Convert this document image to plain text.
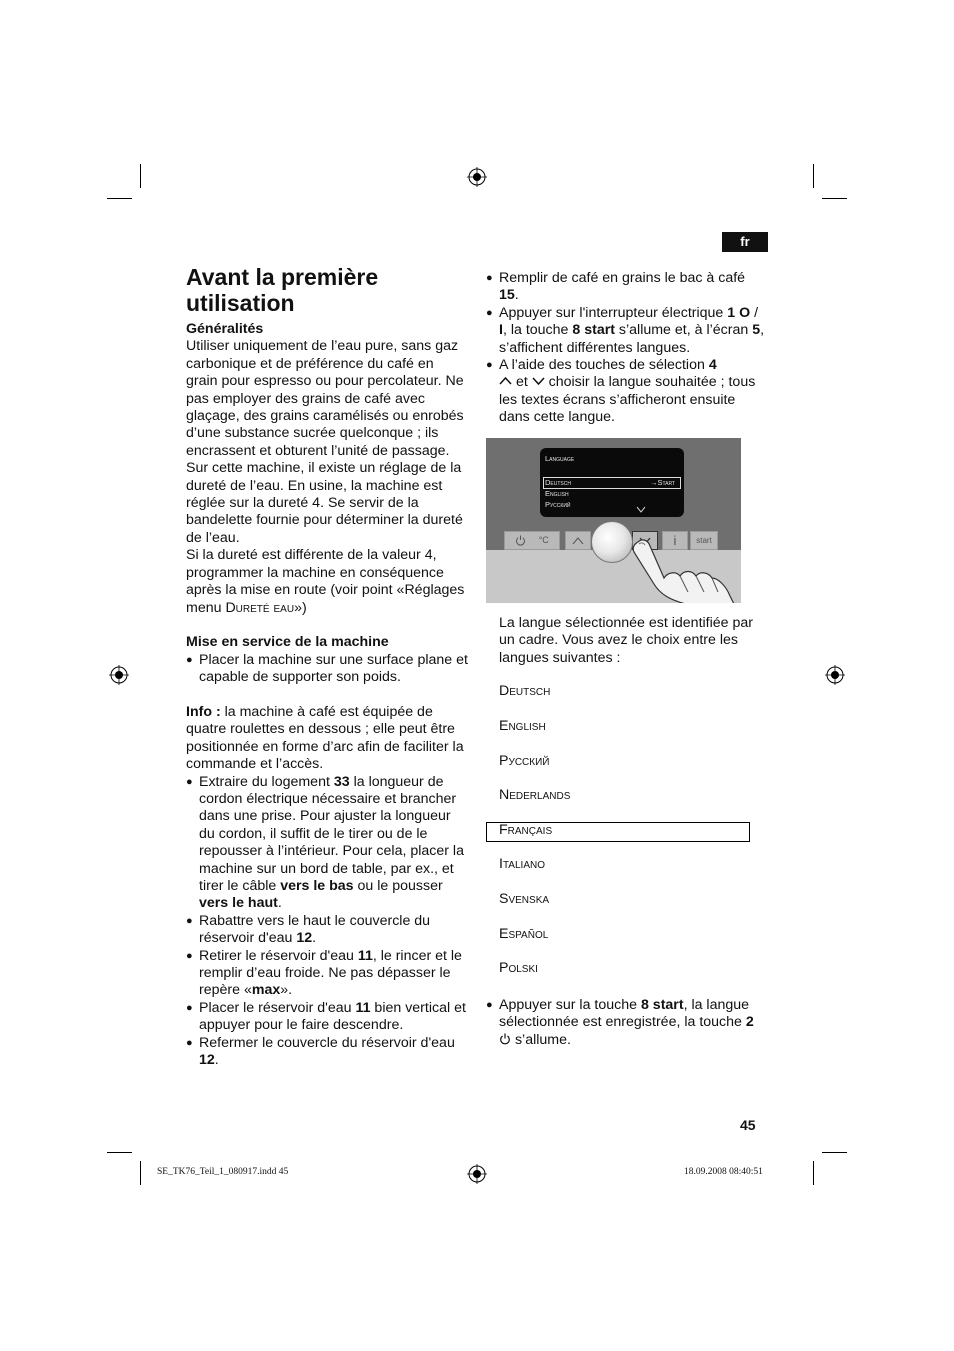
fr
Avant la première utilisation

Généralités

Utiliser uniquement de l’eau pure, sans gaz carbonique et de préférence du café en grain pour espresso ou pour percolateur. Ne pas employer des grains de café avec glaçage, des grains caramélisés ou enrobés d’une substance sucrée quelconque ; ils encrassent et obturent l’unité de passage.

Sur cette machine, il existe un réglage de la dureté de l’eau. En usine, la machine est réglée sur la dureté 4. Se servir de la bandelette fournie pour déterminer la dureté de l’eau.

Si la dureté est différente de la valeur 4, programmer la machine en conséquence après la mise en route (voir point «Réglages menu Dureté eau»)

Mise en service de la machine

● Placer la machine sur une surface plane et capable de supporter son poids.

Info : la machine à café est équipée de quatre roulettes en dessous ; elle peut être positionnée en forme d’arc afin de faciliter la commande et l’accès.

● Extraire du logement 33 la longueur de cordon électrique nécessaire et brancher dans une prise. Pour ajuster la longueur du cordon, il suffit de le tirer ou de le repousser à l’intérieur. Pour cela, placer la machine sur un bord de table, par ex., et tirer le câble vers le bas ou le pousser vers le haut.

● Rabattre vers le haut le couvercle du réservoir d'eau 12.

● Retirer le réservoir d'eau 11, le rincer et le remplir d’eau froide. Ne pas dépasser le repère «max».

● Placer le réservoir d'eau 11 bien vertical et appuyer pour le faire descendre.

● Refermer le couvercle du réservoir d'eau 12.

● Remplir de café en grains le bac à café 15.

● Appuyer sur l'interrupteur électrique 1 O / I, la touche 8 start s’allume et, à l’écran 5, s’affichent différentes langues.

● A l’aide des touches de sélection 4
et  choisir la langue souhaitée ; tous les textes écrans s’afficheront ensuite dans cette langue.

Language
Deutsch	→Start
English
Русский
°C	i	start

La langue sélectionnée est identifiée par un cadre. Vous avez le choix entre les langues suivantes :

Deutsch
English
Русский
Nederlands
Français
Italiano
Svenska
Español
Polski

● Appuyer sur la touche 8 start, la langue sélectionnée est enregistrée, la touche 2
s’allume.

45
SE_TK76_Teil_1_080917.indd 45	18.09.2008 08:40:51
